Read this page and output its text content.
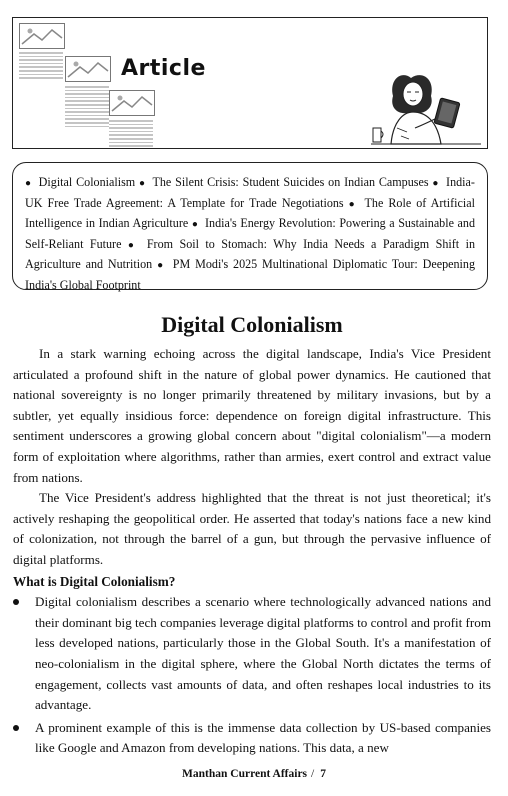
Article
● Digital Colonialism ● The Silent Crisis: Student Suicides on Indian Campuses ● India-UK Free Trade Agreement: A Template for Trade Negotiations ● The Role of Artificial Intelligence in Indian Agriculture ● India's Energy Revolution: Powering a Sustainable and Self-Reliant Future ● From Soil to Stomach: Why India Needs a Paradigm Shift in Agriculture and Nutrition ● PM Modi's 2025 Multinational Diplomatic Tour: Deepening India's Global Footprint
Digital Colonialism

In a stark warning echoing across the digital landscape, India's Vice President articulated a profound shift in the nature of global power dynamics. He cautioned that national sovereignty is no longer primarily threatened by military invasions, but by a subtler, yet equally insidious force: dependence on foreign digital infrastructure. This sentiment underscores a growing global concern about "digital colonialism"—a modern form of exploitation where algorithms, rather than armies, exert control and extract value from nations.

The Vice President's address highlighted that the threat is not just theoretical; it's actively reshaping the geopolitical order. He asserted that today's nations face a new kind of colonization, not through the barrel of a gun, but through the pervasive influence of digital platforms.

What is Digital Colonialism?
Digital colonialism describes a scenario where technologically advanced nations and their dominant big tech companies leverage digital platforms to control and profit from less developed nations, particularly those in the Global South. It's a manifestation of neo-colonialism in the digital sphere, where the Global North dictates the terms of engagement, collects vast amounts of data, and often reshapes local industries to its advantage.
A prominent example of this is the immense data collection by US-based companies like Google and Amazon from developing nations. This data, a new
Manthan Current Affairs / 7
